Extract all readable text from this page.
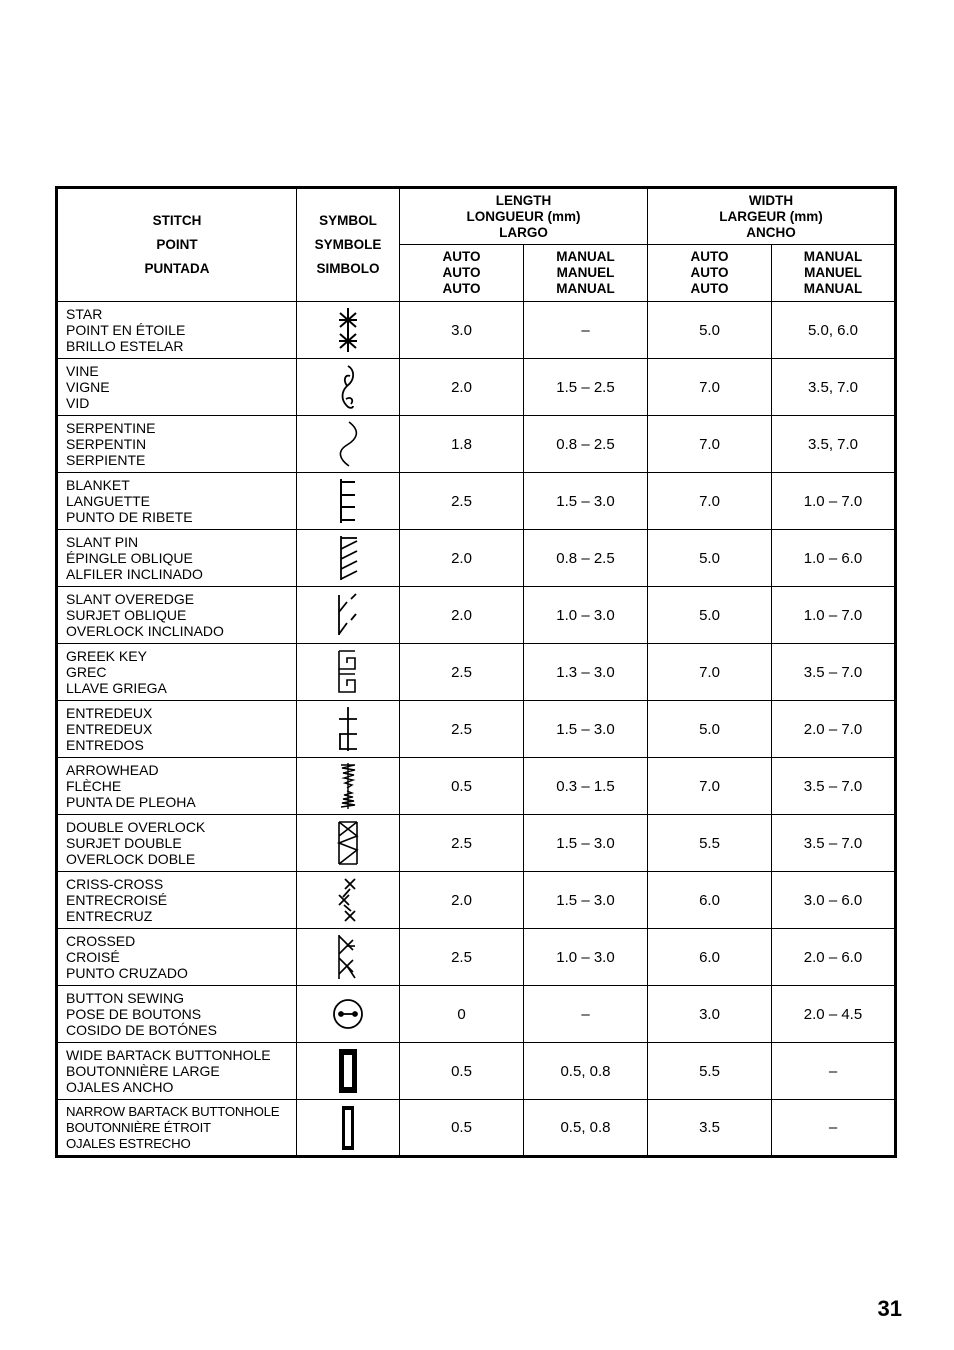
STITCH
POINT
PUNTADA	SYMBOL
SYMBOLE
SIMBOLO	LENGTH
LONGUEUR (mm)
LARGO		WIDTH
LARGEUR (mm)
ANCHO	

		AUTO
AUTO
AUTO	MANUAL
MANUEL
MANUAL	AUTO
AUTO
AUTO	MANUAL
MANUEL
MANUAL

STAR
POINT EN ÉTOILE
BRILLO ESTELAR		3.0	–	5.0	5.0, 6.0

VINE
VIGNE
VID		2.0	1.5 – 2.5	7.0	3.5, 7.0

SERPENTINE
SERPENTIN
SERPIENTE		1.8	0.8 – 2.5	7.0	3.5, 7.0

BLANKET
LANGUETTE
PUNTO DE RIBETE		2.5	1.5 – 3.0	7.0	1.0 – 7.0

SLANT PIN
ÉPINGLE OBLIQUE
ALFILER INCLINADO		2.0	0.8 – 2.5	5.0	1.0 – 6.0

SLANT OVEREDGE
SURJET OBLIQUE
OVERLOCK INCLINADO		2.0	1.0 – 3.0	5.0	1.0 – 7.0

GREEK KEY
GREC
LLAVE GRIEGA		2.5	1.3 – 3.0	7.0	3.5 – 7.0

ENTREDEUX
ENTREDEUX
ENTREDOS		2.5	1.5 – 3.0	5.0	2.0 – 7.0

ARROWHEAD
FLÈCHE
PUNTA DE PLEOHA		0.5	0.3 – 1.5	7.0	3.5 – 7.0

DOUBLE OVERLOCK
SURJET DOUBLE
OVERLOCK DOBLE		2.5	1.5 – 3.0	5.5	3.5 – 7.0

CRISS-CROSS
ENTRECROISÉ
ENTRECRUZ		2.0	1.5 – 3.0	6.0	3.0 – 6.0

CROSSED
CROISÉ
PUNTO CRUZADO		2.5	1.0 – 3.0	6.0	2.0 – 6.0

BUTTON SEWING
POSE DE BOUTONS
COSIDO DE BOTÓNES		0	–	3.0	2.0 – 4.5

WIDE BARTACK BUTTONHOLE
BOUTONNIÈRE LARGE
OJALES ANCHO		0.5	0.5, 0.8	5.5	–

NARROW BARTACK BUTTONHOLE
BOUTONNIÈRE ÉTROIT
OJALES ESTRECHO		0.5	0.5, 0.8	3.5	–
31
